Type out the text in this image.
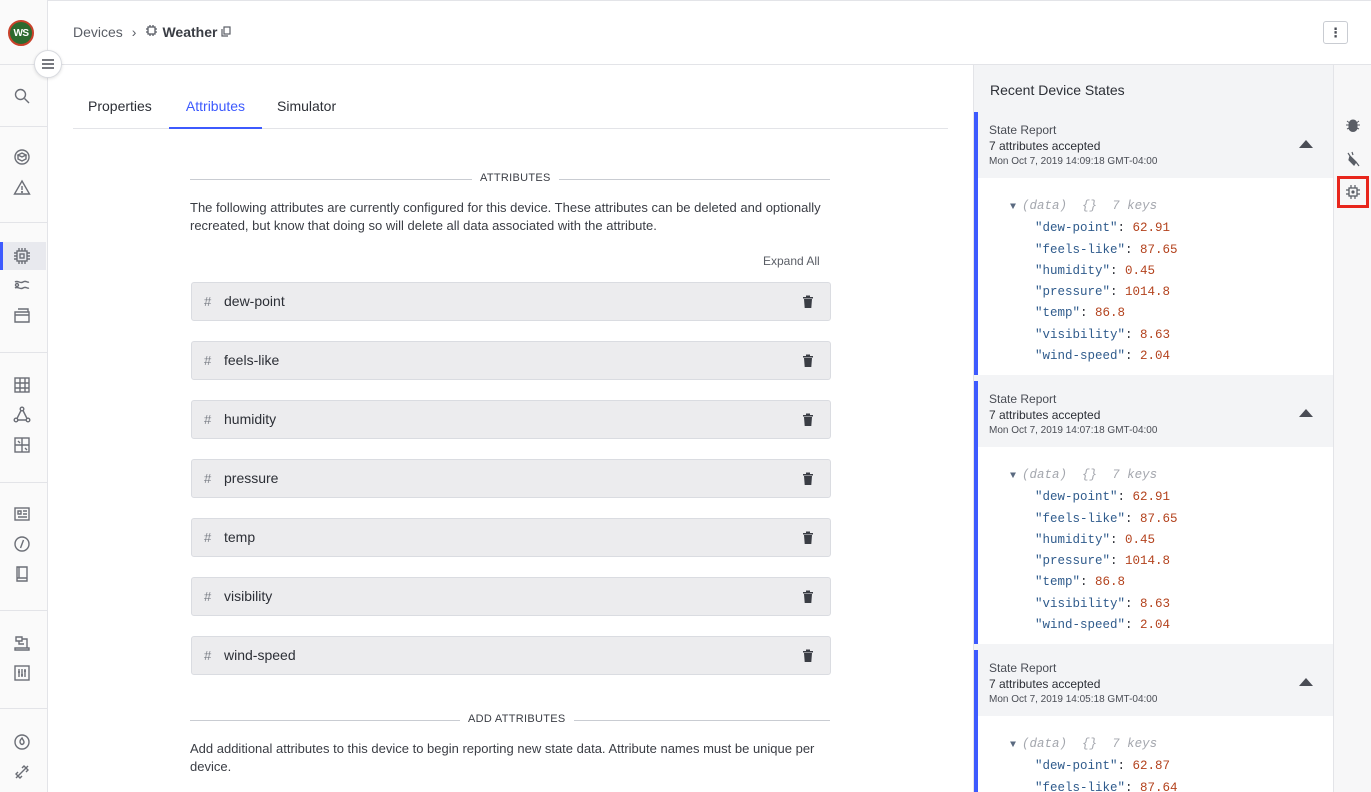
WS	Devices › Weather	⋮
Properties	Attributes	Simulator
ATTRIBUTES
The following attributes are currently configured for this device. These attributes can be deleted and optionally recreated, but know that doing so will delete all data associated with the attribute.
Expand All
# dew-point
# feels-like
# humidity
# pressure
# temp
# visibility
# wind-speed
ADD ATTRIBUTES
Add additional attributes to this device to begin reporting new state data. Attribute names must be unique per device.
Recent Device States
State Report
7 attributes accepted
Mon Oct 7, 2019 14:09:18 GMT-04:00
▼ (data) {} 7 keys
"dew-point": 62.91
"feels-like": 87.65
"humidity": 0.45
"pressure": 1014.8
"temp": 86.8
"visibility": 8.63
"wind-speed": 2.04
State Report
7 attributes accepted
Mon Oct 7, 2019 14:07:18 GMT-04:00
▼ (data) {} 7 keys
"dew-point": 62.91
"feels-like": 87.65
"humidity": 0.45
"pressure": 1014.8
"temp": 86.8
"visibility": 8.63
"wind-speed": 2.04
State Report
7 attributes accepted
Mon Oct 7, 2019 14:05:18 GMT-04:00
▼ (data) {} 7 keys
"dew-point": 62.87
"feels-like": 87.64
